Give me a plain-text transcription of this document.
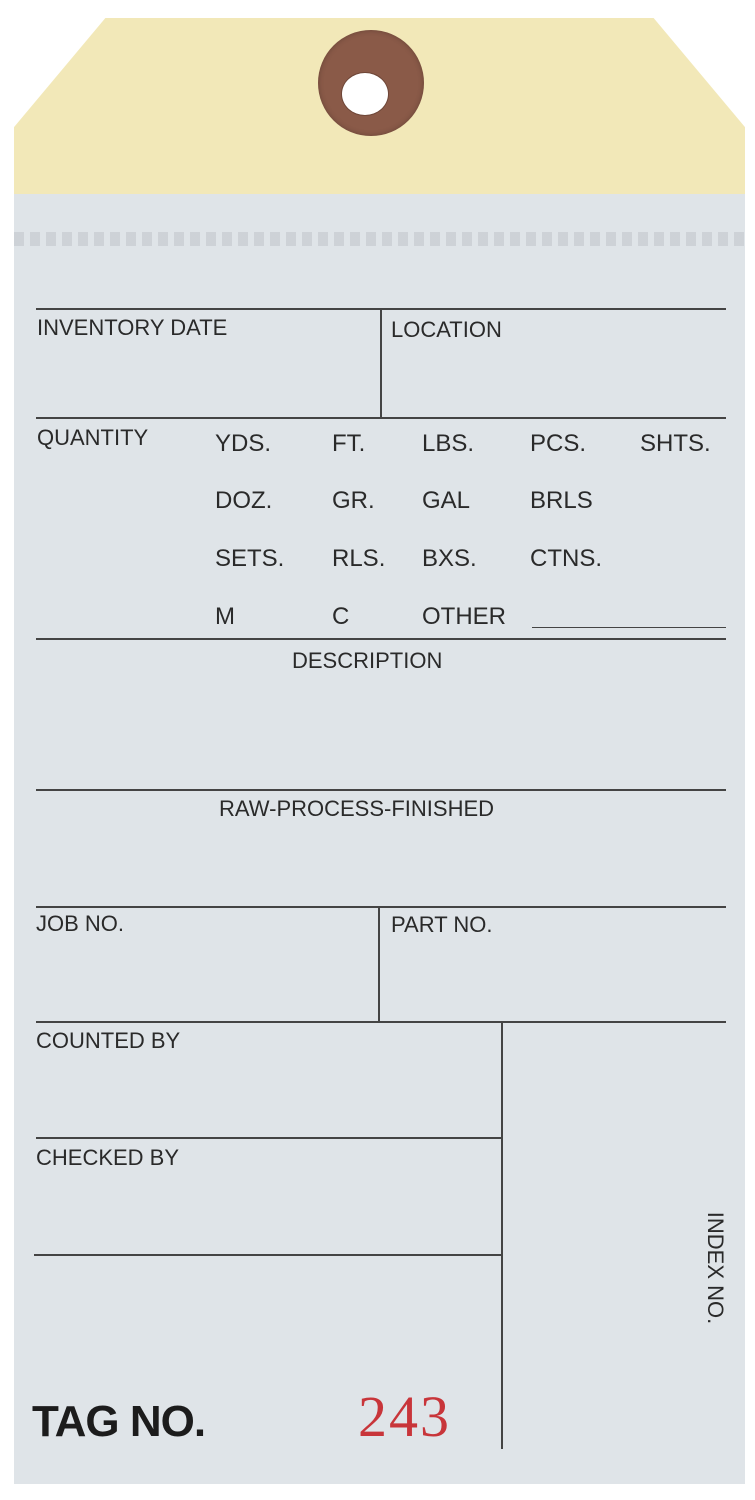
INVENTORY DATE	LOCATION

QUANTITY	YDS.	FT. LBS. PCS. SHTS.

DOZ. GR. GAL BRLS

SETS. RLS. BXS. CTNS.

M	C	OTHER

DESCRIPTION

RAW-PROCESS-FINISHED

JOB NO.	PART NO.

COUNTED BY

CHECKED BY

INDEX NO.

TAG NO.	243
